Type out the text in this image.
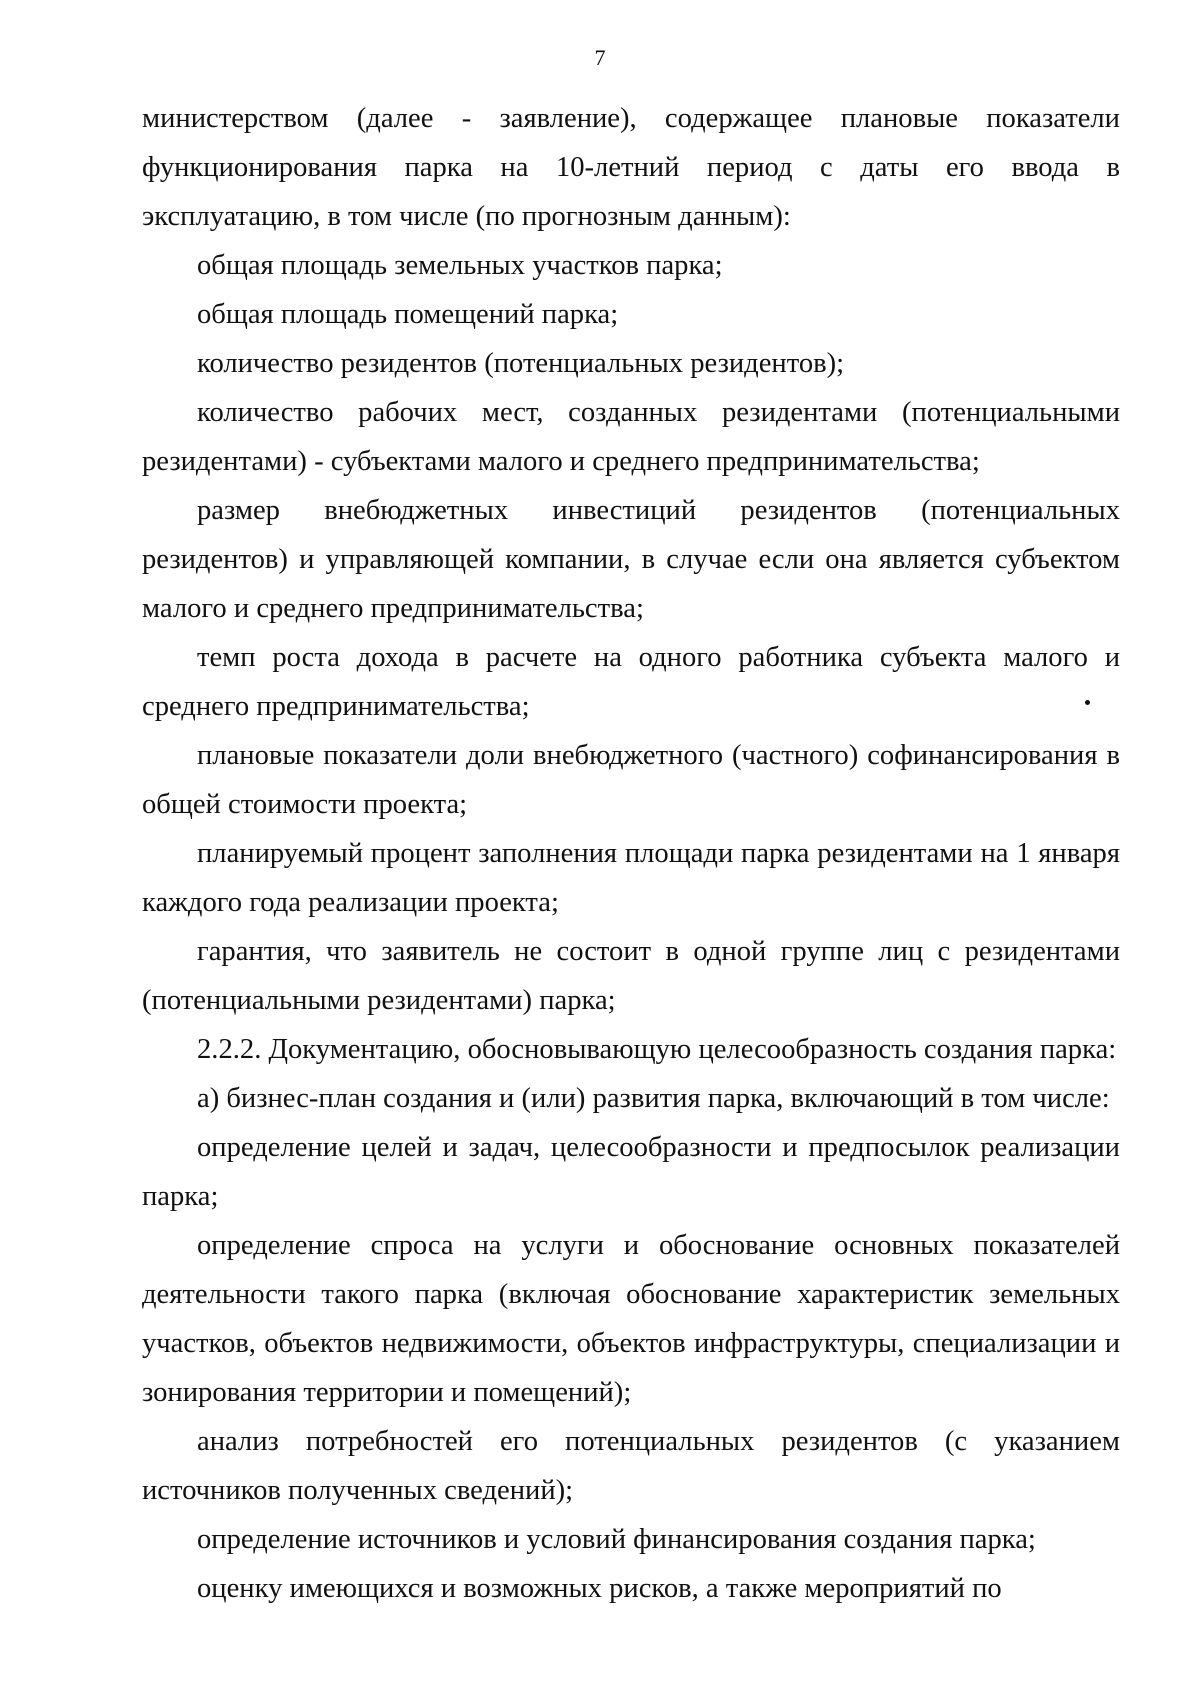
7

министерством (далее - заявление), содержащее плановые показатели функционирования парка на 10-летний период с даты его ввода в эксплуатацию, в том числе (по прогнозным данным):

общая площадь земельных участков парка;

общая площадь помещений парка;

количество резидентов (потенциальных резидентов);

количество рабочих мест, созданных резидентами (потенциальными резидентами) - субъектами малого и среднего предпринимательства;

размер внебюджетных инвестиций резидентов (потенциальных резидентов) и управляющей компании, в случае если она является субъектом малого и среднего предпринимательства;

темп роста дохода в расчете на одного работника субъекта малого и среднего предпринимательства;

плановые показатели доли внебюджетного (частного) софинансирования в общей стоимости проекта;

планируемый процент заполнения площади парка резидентами на 1 января каждого года реализации проекта;

гарантия, что заявитель не состоит в одной группе лиц с резидентами (потенциальными резидентами) парка;

2.2.2. Документацию, обосновывающую целесообразность создания парка:

а) бизнес-план создания и (или) развития парка, включающий в том числе:

определение целей и задач, целесообразности и предпосылок реализации парка;

определение спроса на услуги и обоснование основных показателей деятельности такого парка (включая обоснование характеристик земельных участков, объектов недвижимости, объектов инфраструктуры, специализации и зонирования территории и помещений);

анализ потребностей его потенциальных резидентов (с указанием источников полученных сведений);

определение источников и условий финансирования создания парка;

оценку имеющихся и возможных рисков, а также мероприятий по
